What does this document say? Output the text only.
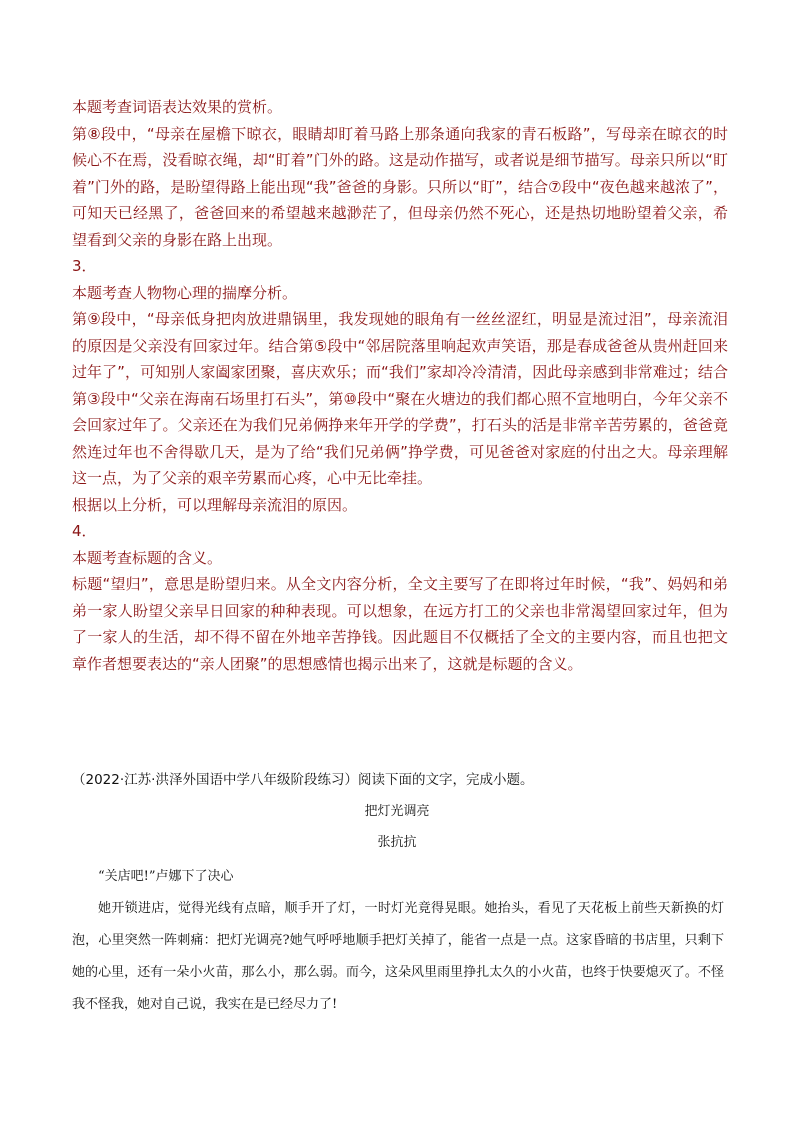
本题考查词语表达效果的赏析。

第⑧段中，“母亲在屋檐下晾衣，眼睛却盯着马路上那条通向我家的青石板路”，写母亲在晾衣的时候心不在焉，没看晾衣绳，却“盯着”门外的路。这是动作描写，或者说是细节描写。母亲只所以“盯着”门外的路，是盼望得路上能出现“我”爸爸的身影。只所以“盯”，结合⑦段中“夜色越来越浓了”，可知天已经黑了，爸爸回来的希望越来越渺茫了，但母亲仍然不死心，还是热切地盼望着父亲，希望看到父亲的身影在路上出现。

3．

本题考查人物物心理的揣摩分析。

第⑨段中，“母亲低身把肉放进鼎锅里，我发现她的眼角有一丝丝涩红，明显是流过泪”，母亲流泪的原因是父亲没有回家过年。结合第⑤段中“邻居院落里响起欢声笑语，那是春成爸爸从贵州赶回来过年了”，可知别人家阖家团聚，喜庆欢乐；而“我们”家却冷冷清清，因此母亲感到非常难过；结合第③段中“父亲在海南石场里打石头”，第⑩段中“聚在火塘边的我们都心照不宣地明白，今年父亲不会回家过年了。父亲还在为我们兄弟俩挣来年开学的学费”，打石头的活是非常辛苦劳累的，爸爸竟然连过年也不舍得歇几天，是为了给“我们兄弟俩”挣学费，可见爸爸对家庭的付出之大。母亲理解这一点，为了父亲的艰辛劳累而心疼，心中无比牵挂。

根据以上分析，可以理解母亲流泪的原因。

4．

本题考查标题的含义。

标题“望归”，意思是盼望归来。从全文内容分析，全文主要写了在即将过年时候，“我”、妈妈和弟弟一家人盼望父亲早日回家的种种表现。可以想象，在远方打工的父亲也非常渴望回家过年，但为了一家人的生活，却不得不留在外地辛苦挣钱。因此题目不仅概括了全文的主要内容，而且也把文章作者想要表达的“亲人团聚”的思想感情也揭示出来了，这就是标题的含义。

（2022·江苏·洪泽外国语中学八年级阶段练习）阅读下面的文字，完成小题。
把灯光调亮
张抗抗

“关店吧!”卢娜下了决心

她开锁进店，觉得光线有点暗，顺手开了灯，一时灯光竟得晃眼。她抬头，看见了天花板上前些天新换的灯泡，心里突然一阵刺痛：把灯光调亮?她气呼呼地顺手把灯关掉了，能省一点是一点。这家昏暗的书店里，只剩下她的心里，还有一朵小火苗，那么小，那么弱。而今，这朵风里雨里挣扎太久的小火苗，也终于快要熄灭了。不怪我不怪我，她对自己说，我实在是已经尽力了!
